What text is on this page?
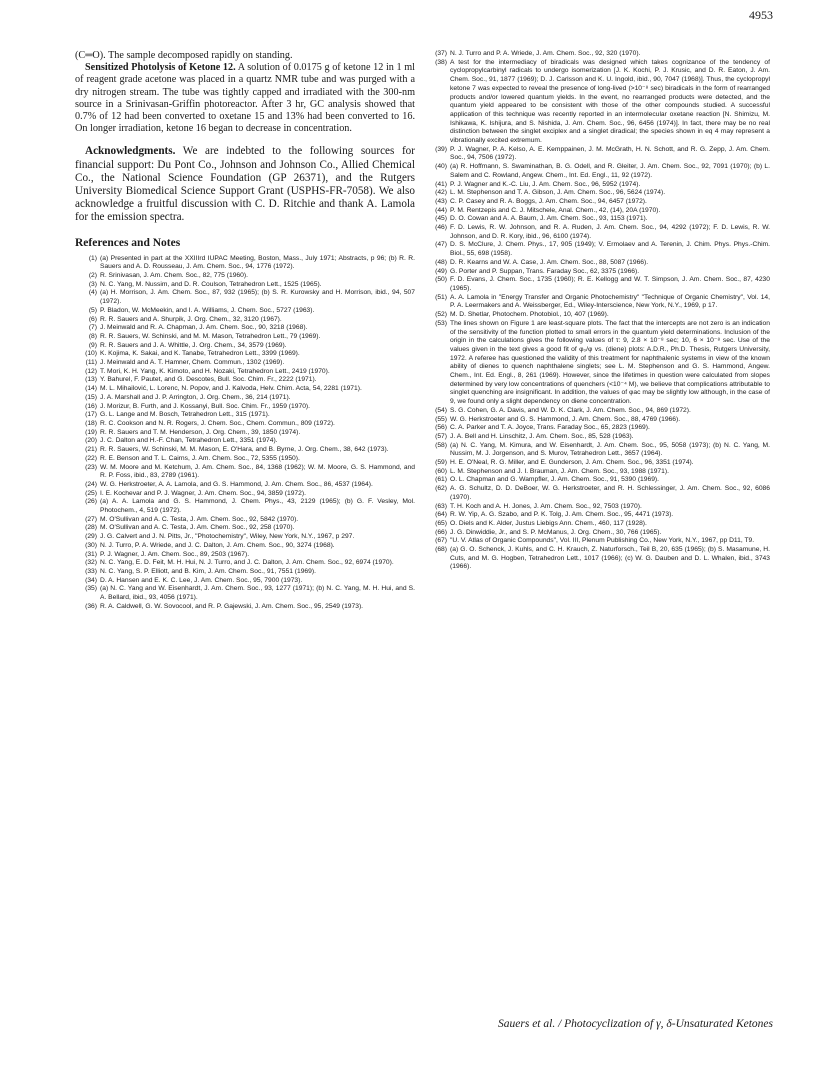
4953

(C═O). The sample decomposed rapidly on standing.

Sensitized Photolysis of Ketone 12. A solution of 0.0175 g of ketone 12 in 1 ml of reagent grade acetone was placed in a quartz NMR tube and was purged with a dry nitrogen stream. The tube was tightly capped and irradiated with the 300-nm source in a Srinivasan-Griffin photoreactor. After 3 hr, GC analysis showed that 0.7% of 12 had been converted to oxetane 15 and 13% had been converted to 16. On longer irradiation, ketone 16 began to decrease in concentration.

Acknowledgments. We are indebted to the following sources for financial support: Du Pont Co., Johnson and Johnson Co., Allied Chemical Co., the National Science Foundation (GP 26371), and the Rutgers University Biomedical Science Support Grant (USPHS-FR-7058). We also acknowledge a fruitful discussion with C. D. Ritchie and thank A. Lamola for the emission spectra.

References and Notes
(1) (a) Presented in part at the XXIIIrd IUPAC Meeting, Boston, Mass., July 1971; Abstracts, p 96; (b) R. R. Sauers and A. D. Rousseau, J. Am. Chem. Soc., 94, 1776 (1972).
(2) R. Srinivasan, J. Am. Chem. Soc., 82, 775 (1960).
(3) N. C. Yang, M. Nussim, and D. R. Coulson, Tetrahedron Lett., 1525 (1965).
(4) (a) H. Morrison, J. Am. Chem. Soc., 87, 932 (1965); (b) S. R. Kurowsky and H. Morrison, ibid., 94, 507 (1972).
(5) P. Bladon, W. McMeekin, and I. A. Williams, J. Chem. Soc., 5727 (1963).
(6) R. R. Sauers and A. Shurpik, J. Org. Chem., 32, 3120 (1967).
(7) J. Meinwald and R. A. Chapman, J. Am. Chem. Soc., 90, 3218 (1968).
(8) R. R. Sauers, W. Schinski, and M. M. Mason, Tetrahedron Lett., 79 (1969).
(9) R. R. Sauers and J. A. Whittle, J. Org. Chem., 34, 3579 (1969).
(10) K. Kojima, K. Sakai, and K. Tanabe, Tetrahedron Lett., 3399 (1969).
(11) J. Meinwald and A. T. Hamner, Chem. Commun., 1302 (1969).
(12) T. Mori, K. H. Yang, K. Kimoto, and H. Nozaki, Tetrahedron Lett., 2419 (1970).
(13) Y. Bahurel, F. Pautet, and G. Descotes, Bull. Soc. Chim. Fr., 2222 (1971).
(14) M. L. Mihailović, L. Lorenc, N. Popov, and J. Kalvoda, Helv. Chim. Acta, 54, 2281 (1971).
(15) J. A. Marshall and J. P. Arrington, J. Org. Chem., 36, 214 (1971).
(16) J. Morizur, B. Furth, and J. Kossanyi, Bull. Soc. Chim. Fr., 1959 (1970).
(17) G. L. Lange and M. Bosch, Tetrahedron Lett., 315 (1971).
(18) R. C. Cookson and N. R. Rogers, J. Chem. Soc., Chem. Commun., 809 (1972).
(19) R. R. Sauers and T. M. Henderson, J. Org. Chem., 39, 1850 (1974).
(20) J. C. Dalton and H.-F. Chan, Tetrahedron Lett., 3351 (1974).
(21) R. R. Sauers, W. Schinski, M. M. Mason, E. O'Hara, and B. Byrne, J. Org. Chem., 38, 642 (1973).
(22) R. E. Benson and T. L. Cairns, J. Am. Chem. Soc., 72, 5355 (1950).
(23) W. M. Moore and M. Ketchum, J. Am. Chem. Soc., 84, 1368 (1962); W. M. Moore, G. S. Hammond, and R. P. Foss, ibid., 83, 2789 (1961).
(24) W. G. Herkstroeter, A. A. Lamola, and G. S. Hammond, J. Am. Chem. Soc., 86, 4537 (1964).
(25) I. E. Kochevar and P. J. Wagner, J. Am. Chem. Soc., 94, 3859 (1972).
(26) (a) A. A. Lamola and G. S. Hammond, J. Chem. Phys., 43, 2129 (1965); (b) G. F. Vesley, Mol. Photochem., 4, 519 (1972).
(27) M. O'Sullivan and A. C. Testa, J. Am. Chem. Soc., 92, 5842 (1970).
(28) M. O'Sullivan and A. C. Testa, J. Am. Chem. Soc., 92, 258 (1970).
(29) J. G. Calvert and J. N. Pitts, Jr., "Photochemistry", Wiley, New York, N.Y., 1967, p 297.
(30) N. J. Turro, P. A. Wriede, and J. C. Dalton, J. Am. Chem. Soc., 90, 3274 (1968).
(31) P. J. Wagner, J. Am. Chem. Soc., 89, 2503 (1967).
(32) N. C. Yang, E. D. Feit, M. H. Hui, N. J. Turro, and J. C. Dalton, J. Am. Chem. Soc., 92, 6974 (1970).
(33) N. C. Yang, S. P. Elliott, and B. Kim, J. Am. Chem. Soc., 91, 7551 (1969).
(34) D. A. Hansen and E. K. C. Lee, J. Am. Chem. Soc., 95, 7900 (1973).
(35) (a) N. C. Yang and W. Eisenhardt, J. Am. Chem. Soc., 93, 1277 (1971); (b) N. C. Yang, M. H. Hui, and S. A. Bellard, ibid., 93, 4056 (1971).
(36) R. A. Caldwell, G. W. Sovocool, and R. P. Gajewski, J. Am. Chem. Soc., 95, 2549 (1973).
(37) N. J. Turro and P. A. Wriede, J. Am. Chem. Soc., 92, 320 (1970).
(38) A test for the intermediacy of biradicals was designed which takes cognizance of the tendency of cyclopropylcarbinyl radicals to undergo isomerization [J. K. Kochi, P. J. Krusic, and D. R. Eaton, J. Am. Chem. Soc., 91, 1877 (1969); D. J. Carlsson and K. U. Ingold, ibid., 90, 7047 (1968)]. Thus, the cyclopropyl ketone 7 was expected to reveal the presence of long-lived (>10⁻⁸ sec) biradicals in the form of rearranged products and/or lowered quantum yields. In the event, no rearranged products were detected, and the quantum yield appeared to be consistent with those of the other compounds studied. A successful application of this technique was recently reported in an intermolecular oxetane reaction [N. Shimizu, M. Ishikawa, K. Ishijura, and S. Nishida, J. Am. Chem. Soc., 96, 6456 (1974)]. In fact, there may be no real distinction between the singlet exciplex and a singlet diradical; the species shown in eq 4 may represent a vibrationally excited extremum.
(39) P. J. Wagner, P. A. Kelso, A. E. Kemppainen, J. M. McGrath, H. N. Schott, and R. G. Zepp, J. Am. Chem. Soc., 94, 7506 (1972).
(40) (a) R. Hoffmann, S. Swaminathan, B. G. Odell, and R. Gleiter, J. Am. Chem. Soc., 92, 7091 (1970); (b) L. Salem and C. Rowland, Angew. Chem., Int. Ed. Engl., 11, 92 (1972).
(41) P. J. Wagner and K.-C. Liu, J. Am. Chem. Soc., 96, 5952 (1974).
(42) L. M. Stephenson and T. A. Gibson, J. Am. Chem. Soc., 96, 5624 (1974).
(43) C. P. Casey and R. A. Boggs, J. Am. Chem. Soc., 94, 6457 (1972).
(44) P. M. Rentzepis and C. J. Mitschele, Anal. Chem., 42, (14), 20A (1970).
(45) D. O. Cowan and A. A. Baum, J. Am. Chem. Soc., 93, 1153 (1971).
(46) F. D. Lewis, R. W. Johnson, and R. A. Ruden, J. Am. Chem. Soc., 94, 4292 (1972); F. D. Lewis, R. W. Johnson, and D. R. Kory, ibid., 96, 6100 (1974).
(47) D. S. McClure, J. Chem. Phys., 17, 905 (1949); V. Ermolaev and A. Terenin, J. Chim. Phys. Phys.-Chim. Biol., 55, 698 (1958).
(48) D. R. Kearns and W. A. Case, J. Am. Chem. Soc., 88, 5087 (1966).
(49) G. Porter and P. Suppan, Trans. Faraday Soc., 62, 3375 (1966).
(50) F. D. Evans, J. Chem. Soc., 1735 (1960); R. E. Kellogg and W. T. Simpson, J. Am. Chem. Soc., 87, 4230 (1965).
(51) A. A. Lamola in "Energy Transfer and Organic Photochemistry" "Technique of Organic Chemistry", Vol. 14, P. A. Leermakers and A. Weissberger, Ed., Wiley-Interscience, New York, N.Y., 1969, p 17.
(52) M. D. Shetlar, Photochem. Photobiol., 10, 407 (1969).
(53) The lines shown on Figure 1 are least-square plots. The fact that the intercepts are not zero is an indication of the sensitivity of the function plotted to small errors in the quantum yield determinations. Inclusion of the origin in the calculations gives the following values of τ: 9, 2.8 × 10⁻⁸ sec; 10, 6 × 10⁻⁸ sec. Use of the values given in the text gives a good fit of φ₀/φ vs. (diene) plots: A.D.R., Ph.D. Thesis, Rutgers University, 1972. A referee has questioned the validity of this treatment for naphthalenic systems in view of the known ability of dienes to quench naphthalene singlets; see L. M. Stephenson and G. S. Hammond, Angew. Chem., Int. Ed. Engl., 8, 261 (1969). However, since the lifetimes in question were calculated from slopes determined by very low concentrations of quenchers (<10⁻⁴ M), we believe that complications attributable to singlet quenching are insignificant. In addition, the values of φac may be slightly low although, in the case of 9, we found only a slight dependency on diene concentration.
(54) S. G. Cohen, G. A. Davis, and W. D. K. Clark, J. Am. Chem. Soc., 94, 869 (1972).
(55) W. G. Herkstroeter and G. S. Hammond, J. Am. Chem. Soc., 88, 4769 (1966).
(56) C. A. Parker and T. A. Joyce, Trans. Faraday Soc., 65, 2823 (1969).
(57) J. A. Bell and H. Linschitz, J. Am. Chem. Soc., 85, 528 (1963).
(58) (a) N. C. Yang, M. Kimura, and W. Eisenhardt, J. Am. Chem. Soc., 95, 5058 (1973); (b) N. C. Yang, M. Nussim, M. J. Jorgenson, and S. Murov, Tetrahedron Lett., 3657 (1964).
(59) H. E. O'Neal, R. G. Miller, and E. Gunderson, J. Am. Chem. Soc., 96, 3351 (1974).
(60) L. M. Stephenson and J. I. Brauman, J. Am. Chem. Soc., 93, 1988 (1971).
(61) O. L. Chapman and G. Wampfler, J. Am. Chem. Soc., 91, 5390 (1969).
(62) A. G. Schultz, D. D. DeBoer, W. G. Herkstroeter, and R. H. Schlessinger, J. Am. Chem. Soc., 92, 6086 (1970).
(63) T. H. Koch and A. H. Jones, J. Am. Chem. Soc., 92, 7503 (1970).
(64) R. W. Yip, A. G. Szabo, and P. K. Tolg, J. Am. Chem. Soc., 95, 4471 (1973).
(65) O. Diels and K. Alder, Justus Liebigs Ann. Chem., 460, 117 (1928).
(66) J. G. Dinwiddie, Jr., and S. P. McManus, J. Org. Chem., 30, 766 (1965).
(67) "U. V. Atlas of Organic Compounds", Vol. III, Plenum Publishing Co., New York, N.Y., 1967, pp D11, T9.
(68) (a) G. O. Schenck, J. Kuhls, and C. H. Krauch, Z. Naturforsch., Teil B, 20, 635 (1965); (b) S. Masamune, H. Cuts, and M. G. Hogben, Tetrahedron Lett., 1017 (1966); (c) W. G. Dauben and D. L. Whalen, ibid., 3743 (1966).
Sauers et al. / Photocyclization of γ, δ-Unsaturated Ketones
